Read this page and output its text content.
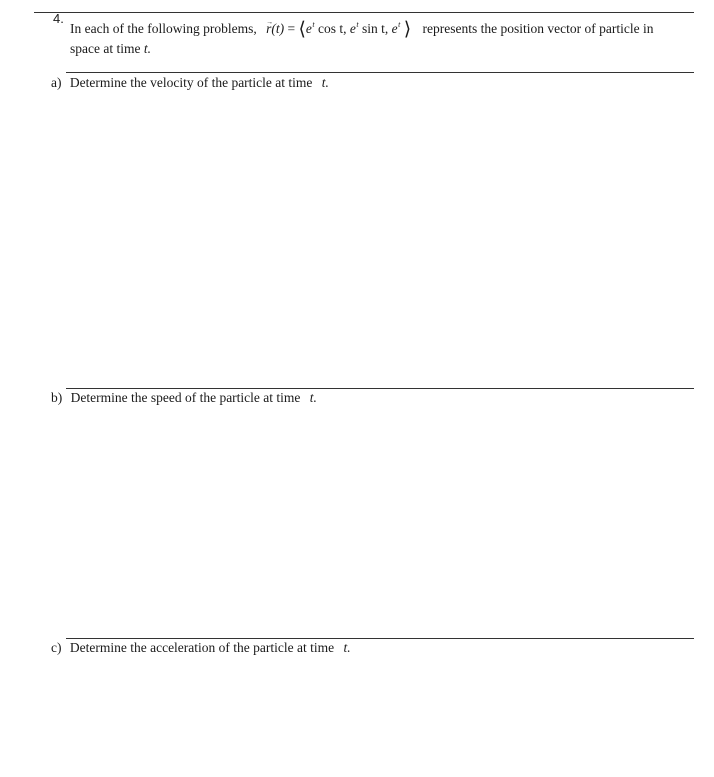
4.
In each of the following problems, → $r(t) = ⟨e^t$ cos t, $e^t$ sin t, $e^t$ ⟩ represents the position vector of particle in
space at time t.
a) Determine the velocity of the particle at time t.
b) Determine the speed of the particle at time t.
c) Determine the acceleration of the particle at time t.
